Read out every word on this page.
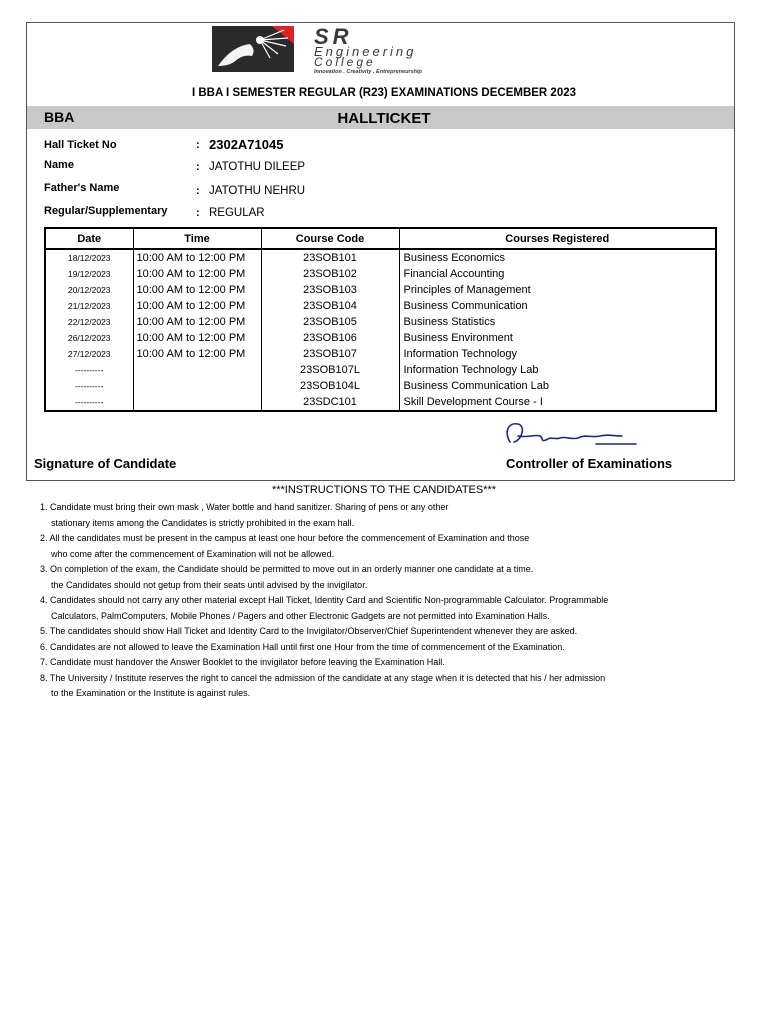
SR
Engineering
College
Innovation . Creativity . Entrepreneurship
I BBA I SEMESTER REGULAR (R23) EXAMINATIONS DECEMBER 2023
BBA	HALLTICKET
Hall Ticket No	: 2302A71045
Name	: JATOTHU DILEEP
Father's Name	: JATOTHU NEHRU
Regular/Supplementary	: REGULAR
Date	Time	Course Code	Courses Registered
18/12/2023	10:00 AM to 12:00 PM	23SOB101	Business Economics
19/12/2023	10:00 AM to 12:00 PM	23SOB102	Financial Accounting
20/12/2023	10:00 AM to 12:00 PM	23SOB103	Principles of Management
21/12/2023	10:00 AM to 12:00 PM	23SOB104	Business Communication
22/12/2023	10:00 AM to 12:00 PM	23SOB105	Business Statistics
26/12/2023	10:00 AM to 12:00 PM	23SOB106	Business Environment
27/12/2023	10:00 AM to 12:00 PM	23SOB107	Information Technology
----------		23SOB107L	Information Technology Lab
----------		23SOB104L	Business Communication Lab
----------		23SDC101	Skill Development Course - I
Signature of Candidate	Controller of Examinations
***INSTRUCTIONS TO THE CANDIDATES***
1. Candidate must bring their own mask , Water bottle and hand sanitizer. Sharing of pens or any other
stationary items among the Candidates is strictly prohibited in the exam hall.
2. All the candidates must be present in the campus at least one hour before the commencement of Examination and those
who come after the commencement of Examination will not be allowed.
3. On completion of the exam, the Candidate should be permitted to move out in an orderly manner one candidate at a time.
the Candidates should not getup from their seats until advised by the invigilator.
4. Candidates should not carry any other material except Hall Ticket, Identity Card and Scientific Non-programmable Calculator. Programmable
Calculators, PalmComputers, Mobile Phones / Pagers and other Electronic Gadgets are not permitted into Examination Halls.
5. The candidates should show Hall Ticket and Identity Card to the Invigilator/Observer/Chief Superintendent whenever they are asked.
6. Candidates are not allowed to leave the Examination Hall until first one Hour from the time of commencement of the Examination.
7. Candidate must handover the Answer Booklet to the invigilator before leaving the Examination Hall.
8. The University / Institute reserves the right to cancel the admission of the candidate at any stage when it is detected that his / her admission
to the Examination or the Institute is against rules.
